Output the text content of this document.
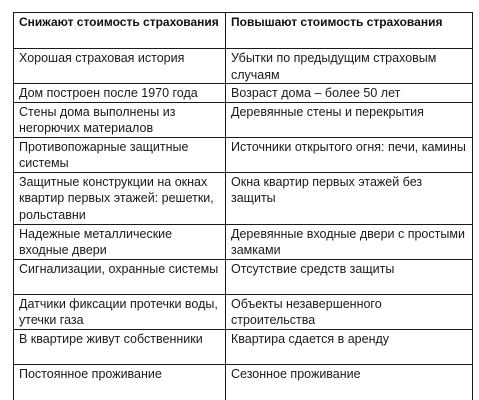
Снижают стоимость страхования	Повышают стоимость страхования
Хорошая страховая история	Убытки по предыдущим страховым случаям
Дом построен после 1970 года	Возраст дома – более 50 лет
Стены дома выполнены из негорючих материалов	Деревянные стены и перекрытия
Противопожарные защитные системы	Источники открытого огня: печи, камины
Защитные конструкции на окнах квартир первых этажей: решетки, рольставни	Окна квартир первых этажей без защиты
Надежные металлические входные двери	Деревянные входные двери с простыми замками
Сигнализации, охранные системы	Отсутствие средств защиты
Датчики фиксации протечки воды, утечки газа	Объекты незавершенного строительства
В квартире живут собственники	Квартира сдается в аренду
Постоянное проживание	Сезонное проживание
